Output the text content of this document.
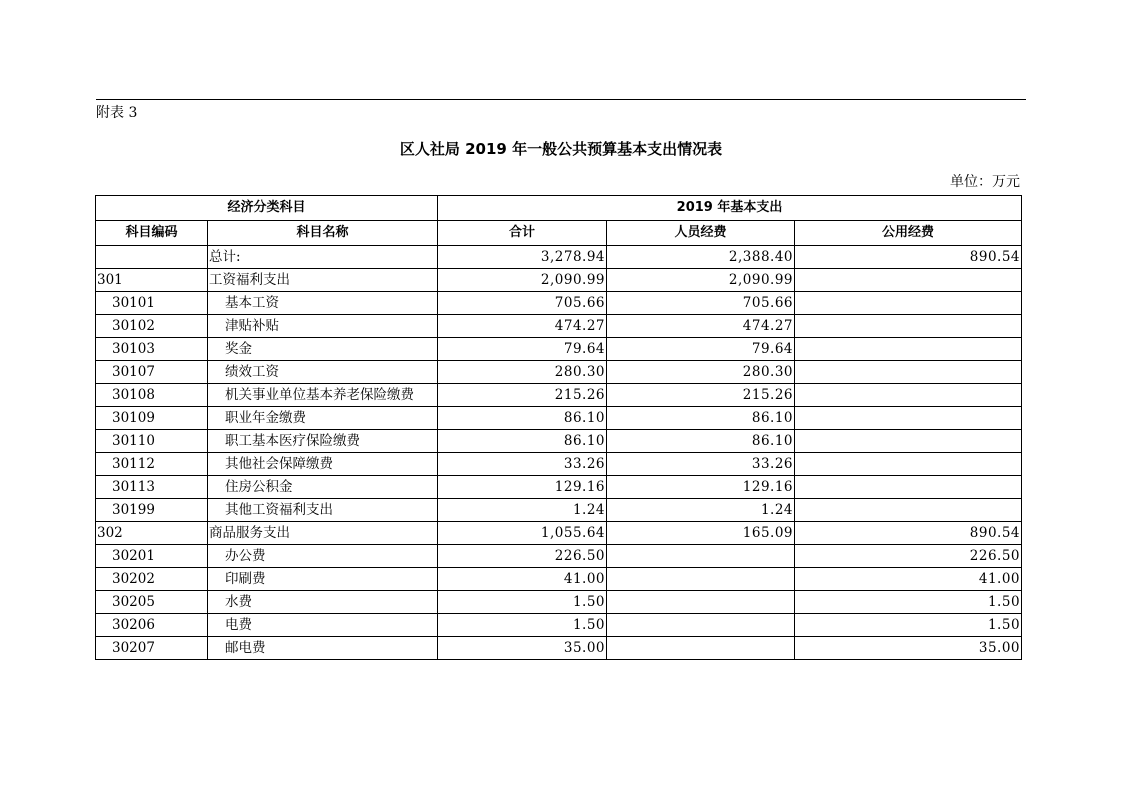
附表 3
区人社局 2019 年一般公共预算基本支出情况表
单位：万元
经济分类科目		2019 年基本支出		
科目编码	科目名称	合计	人员经费	公用经费
	总计:	3,278.94	2,388.40	890.54
301	工资福利支出	2,090.99	2,090.99	
30101	基本工资	705.66	705.66	
30102	津贴补贴	474.27	474.27	
30103	奖金	79.64	79.64	
30107	绩效工资	280.30	280.30	
30108	机关事业单位基本养老保险缴费	215.26	215.26	
30109	职业年金缴费	86.10	86.10	
30110	职工基本医疗保险缴费	86.10	86.10	
30112	其他社会保障缴费	33.26	33.26	
30113	住房公积金	129.16	129.16	
30199	其他工资福利支出	1.24	1.24	
302	商品服务支出	1,055.64	165.09	890.54
30201	办公费	226.50		226.50
30202	印刷费	41.00		41.00
30205	水费	1.50		1.50
30206	电费	1.50		1.50
30207	邮电费	35.00		35.00
